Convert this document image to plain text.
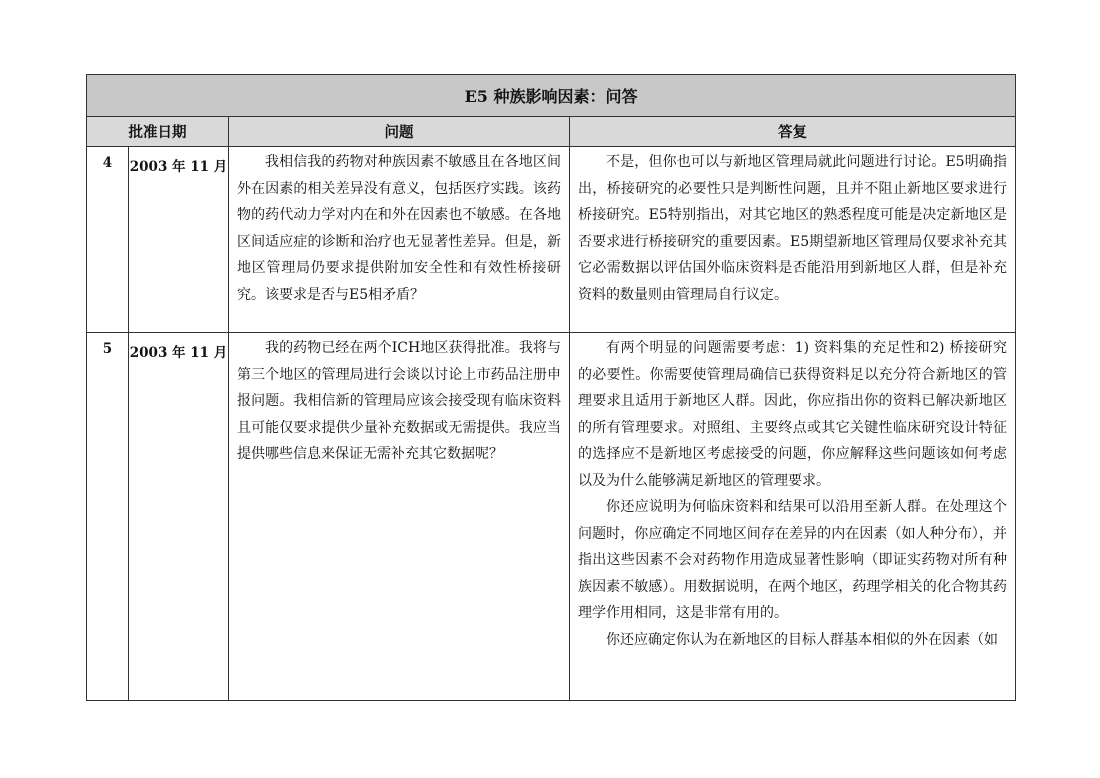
E5 种族影响因素：问答			
批准日期		问题	答复
4	2003 年 11 月	我相信我的药物对种族因素不敏感且在各地区间外在因素的相关差异没有意义，包括医疗实践。该药物的药代动力学对内在和外在因素也不敏感。在各地区间适应症的诊断和治疗也无显著性差异。但是，新地区管理局仍要求提供附加安全性和有效性桥接研究。该要求是否与E5相矛盾？	不是，但你也可以与新地区管理局就此问题进行讨论。E5明确指出，桥接研究的必要性只是判断性问题，且并不阻止新地区要求进行桥接研究。E5特别指出，对其它地区的熟悉程度可能是决定新地区是否要求进行桥接研究的重要因素。E5期望新地区管理局仅要求补充其它必需数据以评估国外临床资料是否能沿用到新地区人群，但是补充资料的数量则由管理局自行议定。

5	2003 年 11 月	我的药物已经在两个ICH地区获得批准。我将与第三个地区的管理局进行会谈以讨论上市药品注册申报问题。我相信新的管理局应该会接受现有临床资料且可能仅要求提供少量补充数据或无需提供。我应当提供哪些信息来保证无需补充其它数据呢？	有两个明显的问题需要考虑：1) 资料集的充足性和2) 桥接研究的必要性。你需要使管理局确信已获得资料足以充分符合新地区的管理要求且适用于新地区人群。因此，你应指出你的资料已解决新地区的所有管理要求。对照组、主要终点或其它关键性临床研究设计特征的选择应不是新地区考虑接受的问题，你应解释这些问题该如何考虑以及为什么能够满足新地区的管理要求。

你还应说明为何临床资料和结果可以沿用至新人群。在处理这个问题时，你应确定不同地区间存在差异的内在因素（如人种分布），并指出这些因素不会对药物作用造成显著性影响（即证实药物对所有种族因素不敏感）。用数据说明，在两个地区，药理学相关的化合物其药理学作用相同，这是非常有用的。

你还应确定你认为在新地区的目标人群基本相似的外在因素（如
